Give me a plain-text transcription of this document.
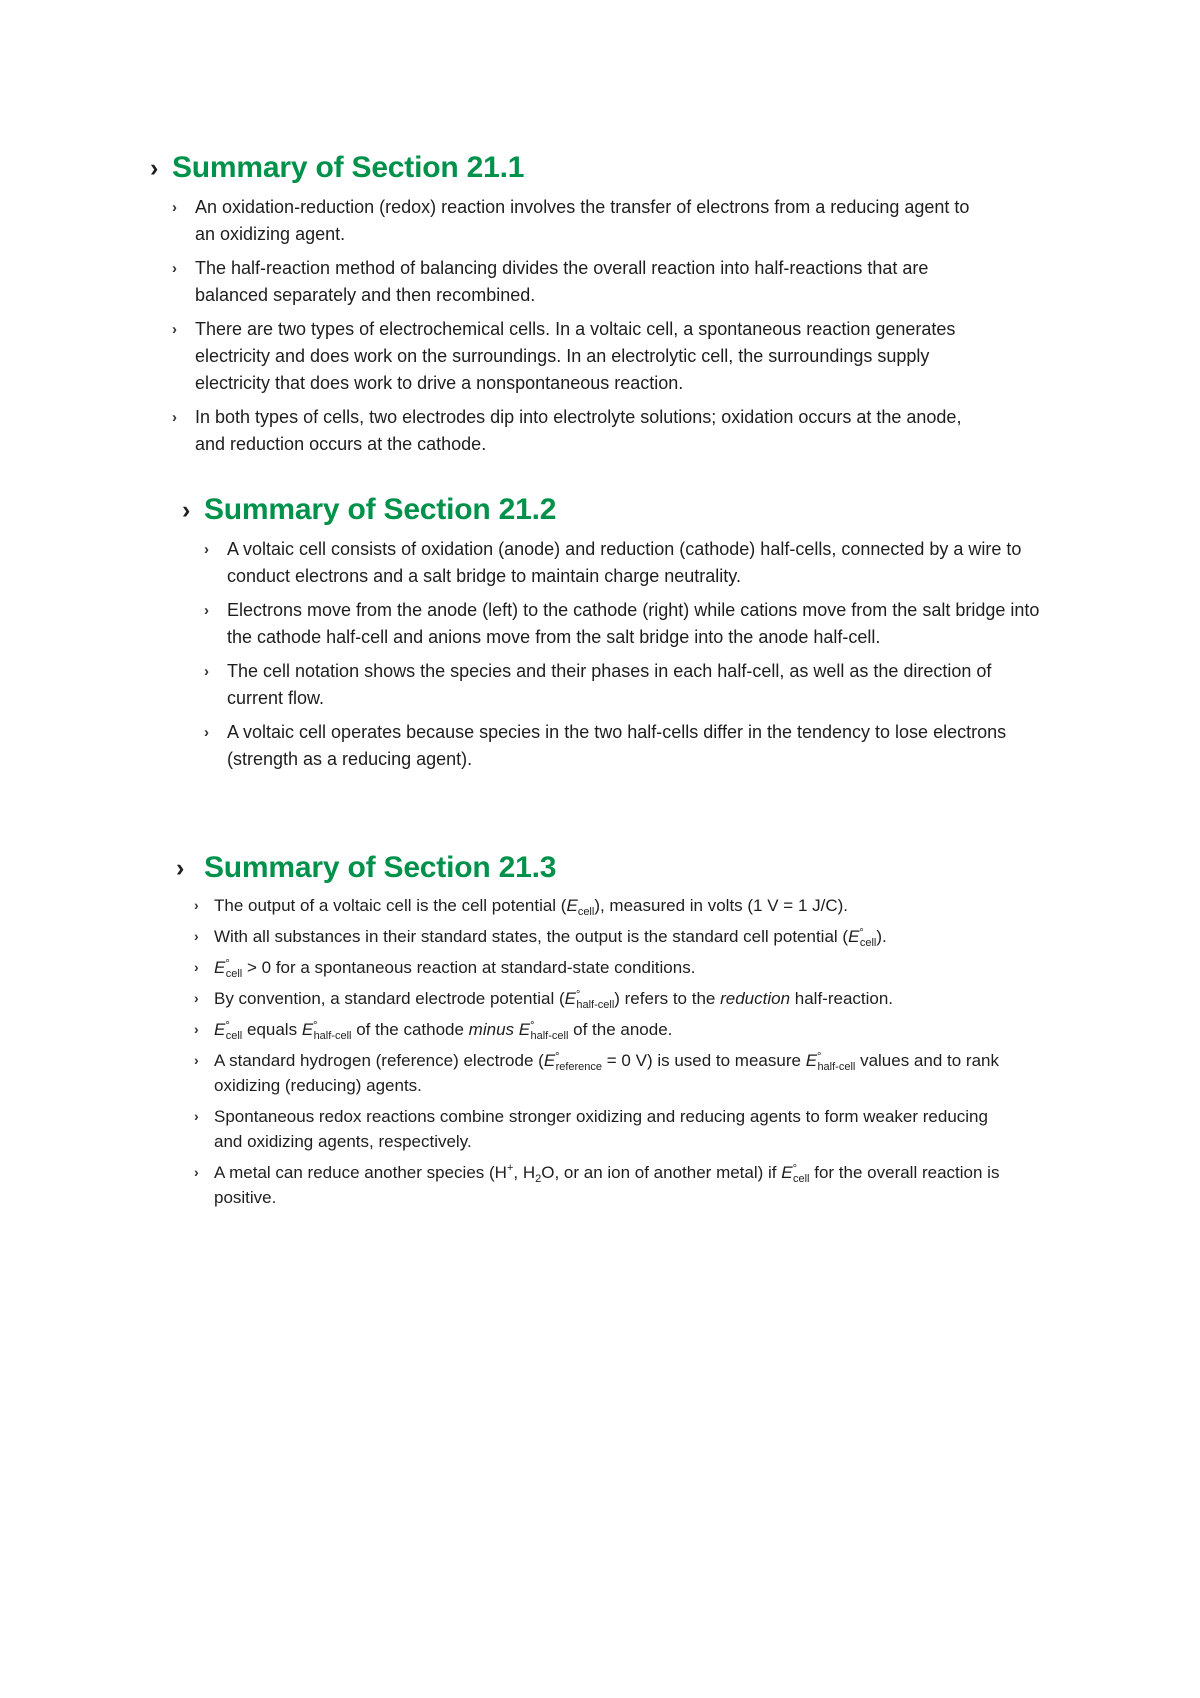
› Summary of Section 21.1
› An oxidation-reduction (redox) reaction involves the transfer of electrons from a reducing agent to an oxidizing agent.
› The half-reaction method of balancing divides the overall reaction into half-reactions that are balanced separately and then recombined.
› There are two types of electrochemical cells. In a voltaic cell, a spontaneous reaction generates electricity and does work on the surroundings. In an electrolytic cell, the surroundings supply electricity that does work to drive a nonspontaneous reaction.
› In both types of cells, two electrodes dip into electrolyte solutions; oxidation occurs at the anode, and reduction occurs at the cathode.
› Summary of Section 21.2
› A voltaic cell consists of oxidation (anode) and reduction (cathode) half-cells, connected by a wire to conduct electrons and a salt bridge to maintain charge neutrality.
› Electrons move from the anode (left) to the cathode (right) while cations move from the salt bridge into the cathode half-cell and anions move from the salt bridge into the anode half-cell.
› The cell notation shows the species and their phases in each half-cell, as well as the direction of current flow.
› A voltaic cell operates because species in the two half-cells differ in the tendency to lose electrons (strength as a reducing agent).
› Summary of Section 21.3
› The output of a voltaic cell is the cell potential $(E_{cell})$, measured in volts (1 V = 1 J/C).
› With all substances in their standard states, the output is the standard cell potential $(E^\circ_{cell})$.
› $E^\circ_{cell} > 0$ for a spontaneous reaction at standard-state conditions.
› By convention, a standard electrode potential $(E^\circ_{half-cell})$ refers to the reduction half-reaction.
› $E^\circ_{cell}$ equals $E^\circ_{half-cell}$ of the cathode minus $E^\circ_{half-cell}$ of the anode.
› A standard hydrogen (reference) electrode ($E^\circ_{reference} = 0$ V) is used to measure $E^\circ_{half-cell}$ values and to rank oxidizing (reducing) agents.
› Spontaneous redox reactions combine stronger oxidizing and reducing agents to form weaker reducing and oxidizing agents, respectively.
› A metal can reduce another species (H+, $H_2O$, or an ion of another metal) if $E^\circ_{cell}$ for the overall reaction is positive.
